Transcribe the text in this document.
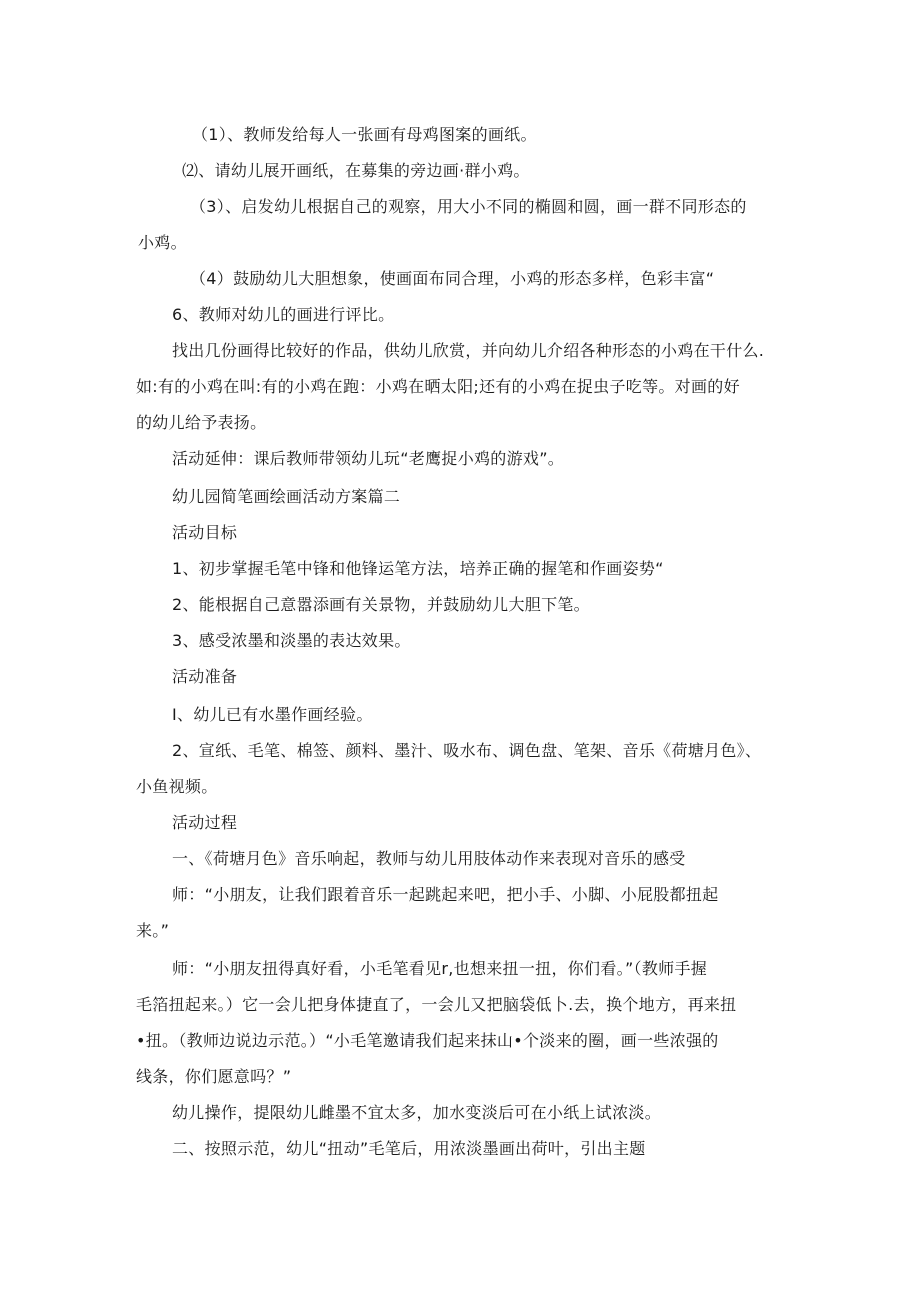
（1）、教师发给每人一张画有母鸡图案的画纸。
⑵、请幼儿展开画纸，在募集的旁边画·群小鸡。
（3）、启发幼儿根据自己的观察，用大小不同的椭圆和圆，画一群不同形态的
小鸡。
（4）鼓励幼儿大胆想象，使画面布同合理，小鸡的形态多样，色彩丰富“
6、教师对幼儿的画进行评比。
找出几份画得比较好的作品，供幼儿欣赏，并向幼儿介绍各种形态的小鸡在干什么.
如:有的小鸡在叫:有的小鸡在跑：小鸡在晒太阳;还有的小鸡在捉虫子吃等。对画的好
的幼儿给予表扬。
活动延伸：课后教师带领幼儿玩“老鹰捉小鸡的游戏”。
幼儿园简笔画绘画活动方案篇二
活动目标
1、初步掌握毛笔中锋和他锋运笔方法，培养正确的握笔和作画姿势“
2、能根据自己意嚣添画有关景物，并鼓励幼儿大胆下笔。
3、感受浓墨和淡墨的表达效果。
活动准备
I、幼儿已有水墨作画经验。
2、宣纸、毛笔、棉签、颜料、墨汁、吸水布、调色盘、笔架、音乐《荷塘月色》、
小鱼视频。
活动过程
一、《荷塘月色》音乐响起，教师与幼儿用肢体动作来表现对音乐的感受
师：“小朋友，让我们跟着音乐一起跳起来吧，把小手、小脚、小屁股都扭起
来。”
师：“小朋友扭得真好看，小毛笔看见r,也想来扭一扭，你们看。”（教师手握
毛箔扭起来。）它一会儿把身体捷直了，一会儿又把脑袋低卜.去，换个地方，再来扭
•扭。（教师边说边示范。）“小毛笔邀请我们起来抹山•个淡来的圈，画一些浓强的
线条，你们愿意吗？”
幼儿操作，提限幼儿雌墨不宜太多，加水变淡后可在小纸上试浓淡。
二、按照示范，幼儿“扭动”毛笔后，用浓淡墨画出荷叶，引出主题
